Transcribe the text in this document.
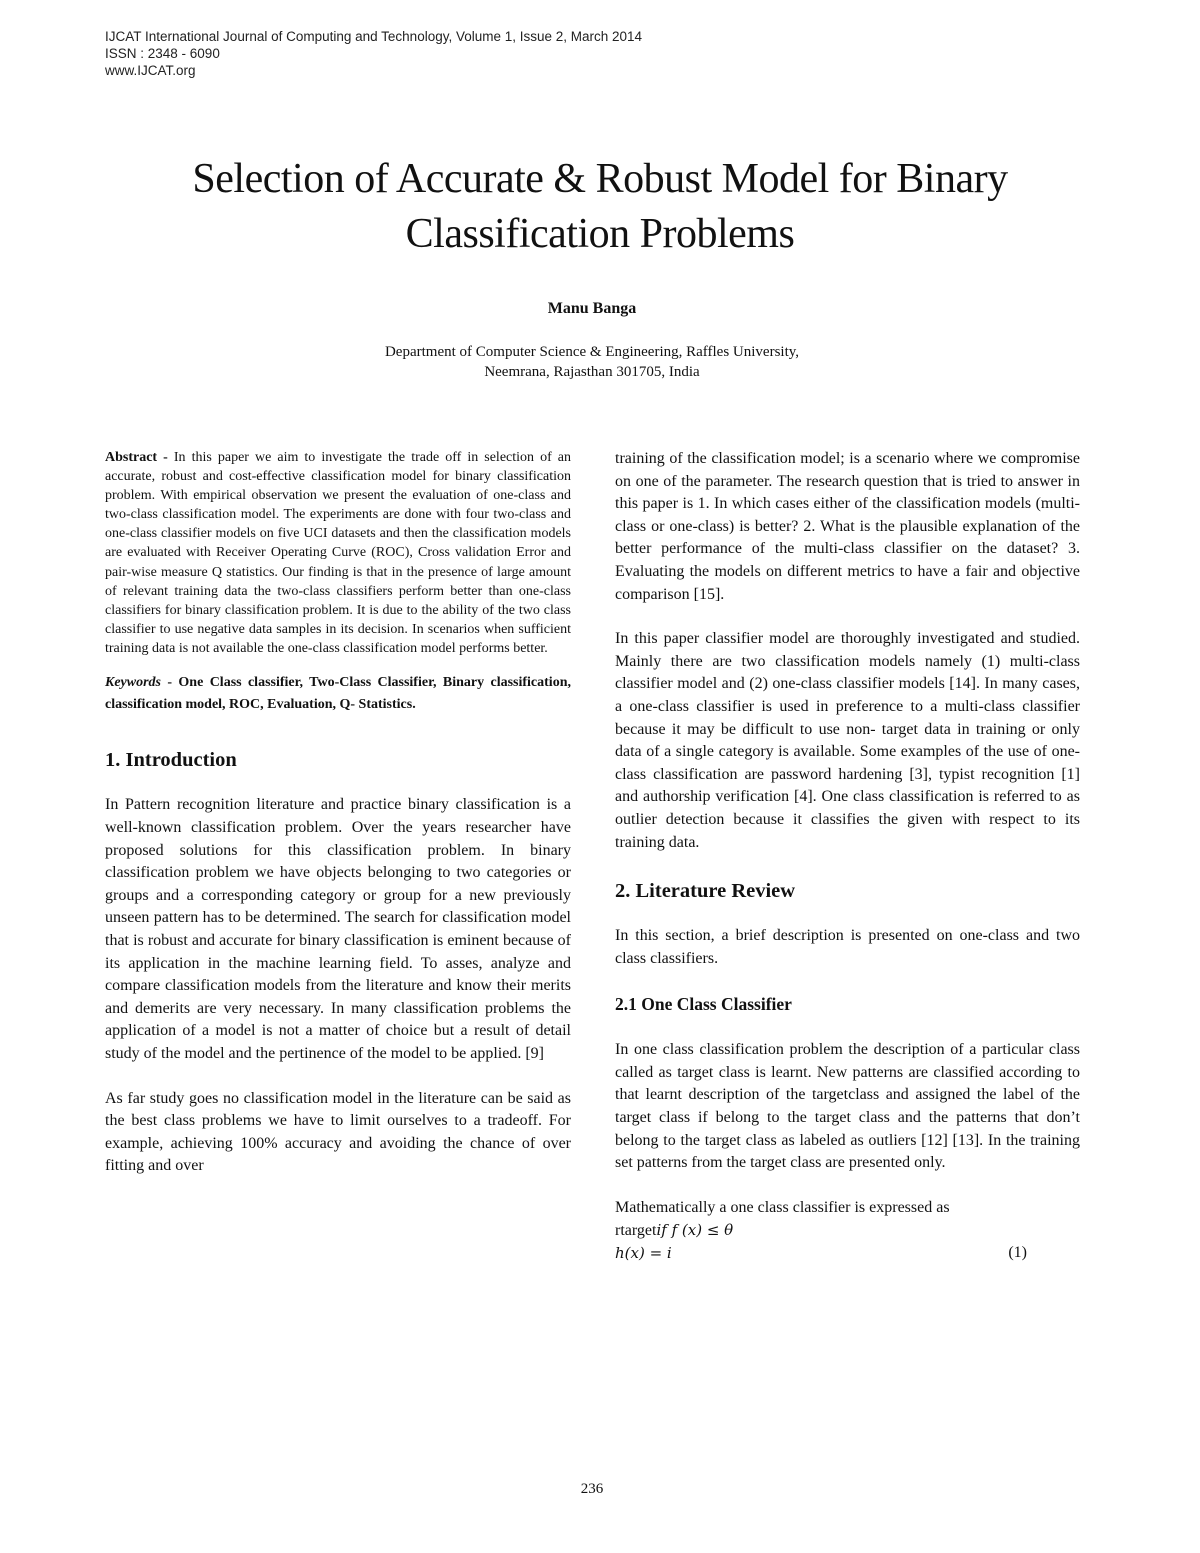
IJCAT International Journal of Computing and Technology, Volume 1, Issue 2, March 2014
ISSN : 2348 - 6090
www.IJCAT.org
Selection of Accurate & Robust Model for Binary
Classification Problems
Manu Banga
Department of Computer Science & Engineering, Raffles University,
Neemrana, Rajasthan 301705, India

Abstract - In this paper we aim to investigate the trade off in selection of an accurate, robust and cost-effective classification model for binary classification problem. With empirical observation we present the evaluation of one-class and two-class classification model. The experiments are done with four two-class and one-class classifier models on five UCI datasets and then the classification models are evaluated with Receiver Operating Curve (ROC), Cross validation Error and pair-wise measure Q statistics. Our finding is that in the presence of large amount of relevant training data the two-class classifiers perform better than one-class classifiers for binary classification problem. It is due to the ability of the two class classifier to use negative data samples in its decision. In scenarios when sufficient training data is not available the one-class classification model performs better.

Keywords - One Class classifier, Two-Class Classifier, Binary classification, classification model, ROC, Evaluation, Q- Statistics.

1. Introduction

In Pattern recognition literature and practice binary classification is a well-known classification problem. Over the years researcher have proposed solutions for this classification problem. In binary classification problem we have objects belonging to two categories or groups and a corresponding category or group for a new previously unseen pattern has to be determined. The search for classification model that is robust and accurate for binary classification is eminent because of its application in the machine learning field. To asses, analyze and compare classification models from the literature and know their merits and demerits are very necessary. In many classification problems the application of a model is not a matter of choice but a result of detail study of the model and the pertinence of the model to be applied. [9]

As far study goes no classification model in the literature can be said as the best class problems we have to limit ourselves to a tradeoff. For example, achieving 100% accuracy and avoiding the chance of over fitting and over

training of the classification model; is a scenario where we compromise on one of the parameter. The research question that is tried to answer in this paper is 1. In which cases either of the classification models (multi-class or one-class) is better? 2. What is the plausible explanation of the better performance of the multi-class classifier on the dataset? 3. Evaluating the models on different metrics to have a fair and objective comparison [15].

In this paper classifier model are thoroughly investigated and studied. Mainly there are two classification models namely (1) multi-class classifier model and (2) one-class classifier models [14]. In many cases, a one-class classifier is used in preference to a multi-class classifier because it may be difficult to use non- target data in training or only data of a single category is available. Some examples of the use of one-class classification are password hardening [3], typist recognition [1] and authorship verification [4]. One class classification is referred to as outlier detection because it classifies the given with respect to its training data.

2. Literature Review

In this section, a brief description is presented on one-class and two class classifiers.

2.1 One Class Classifier

In one class classification problem the description of a particular class called as target class is learnt. New patterns are classified according to that learnt description of the targetclass and assigned the label of the target class if belong to the target class and the patterns that don’t belong to the target class as labeled as outliers [12] [13]. In the training set patterns from the target class are presented only.

Mathematically a one class classifier is expressed as

rtargetif f (x) ≤ θ
h(x) = i	(1)
236
